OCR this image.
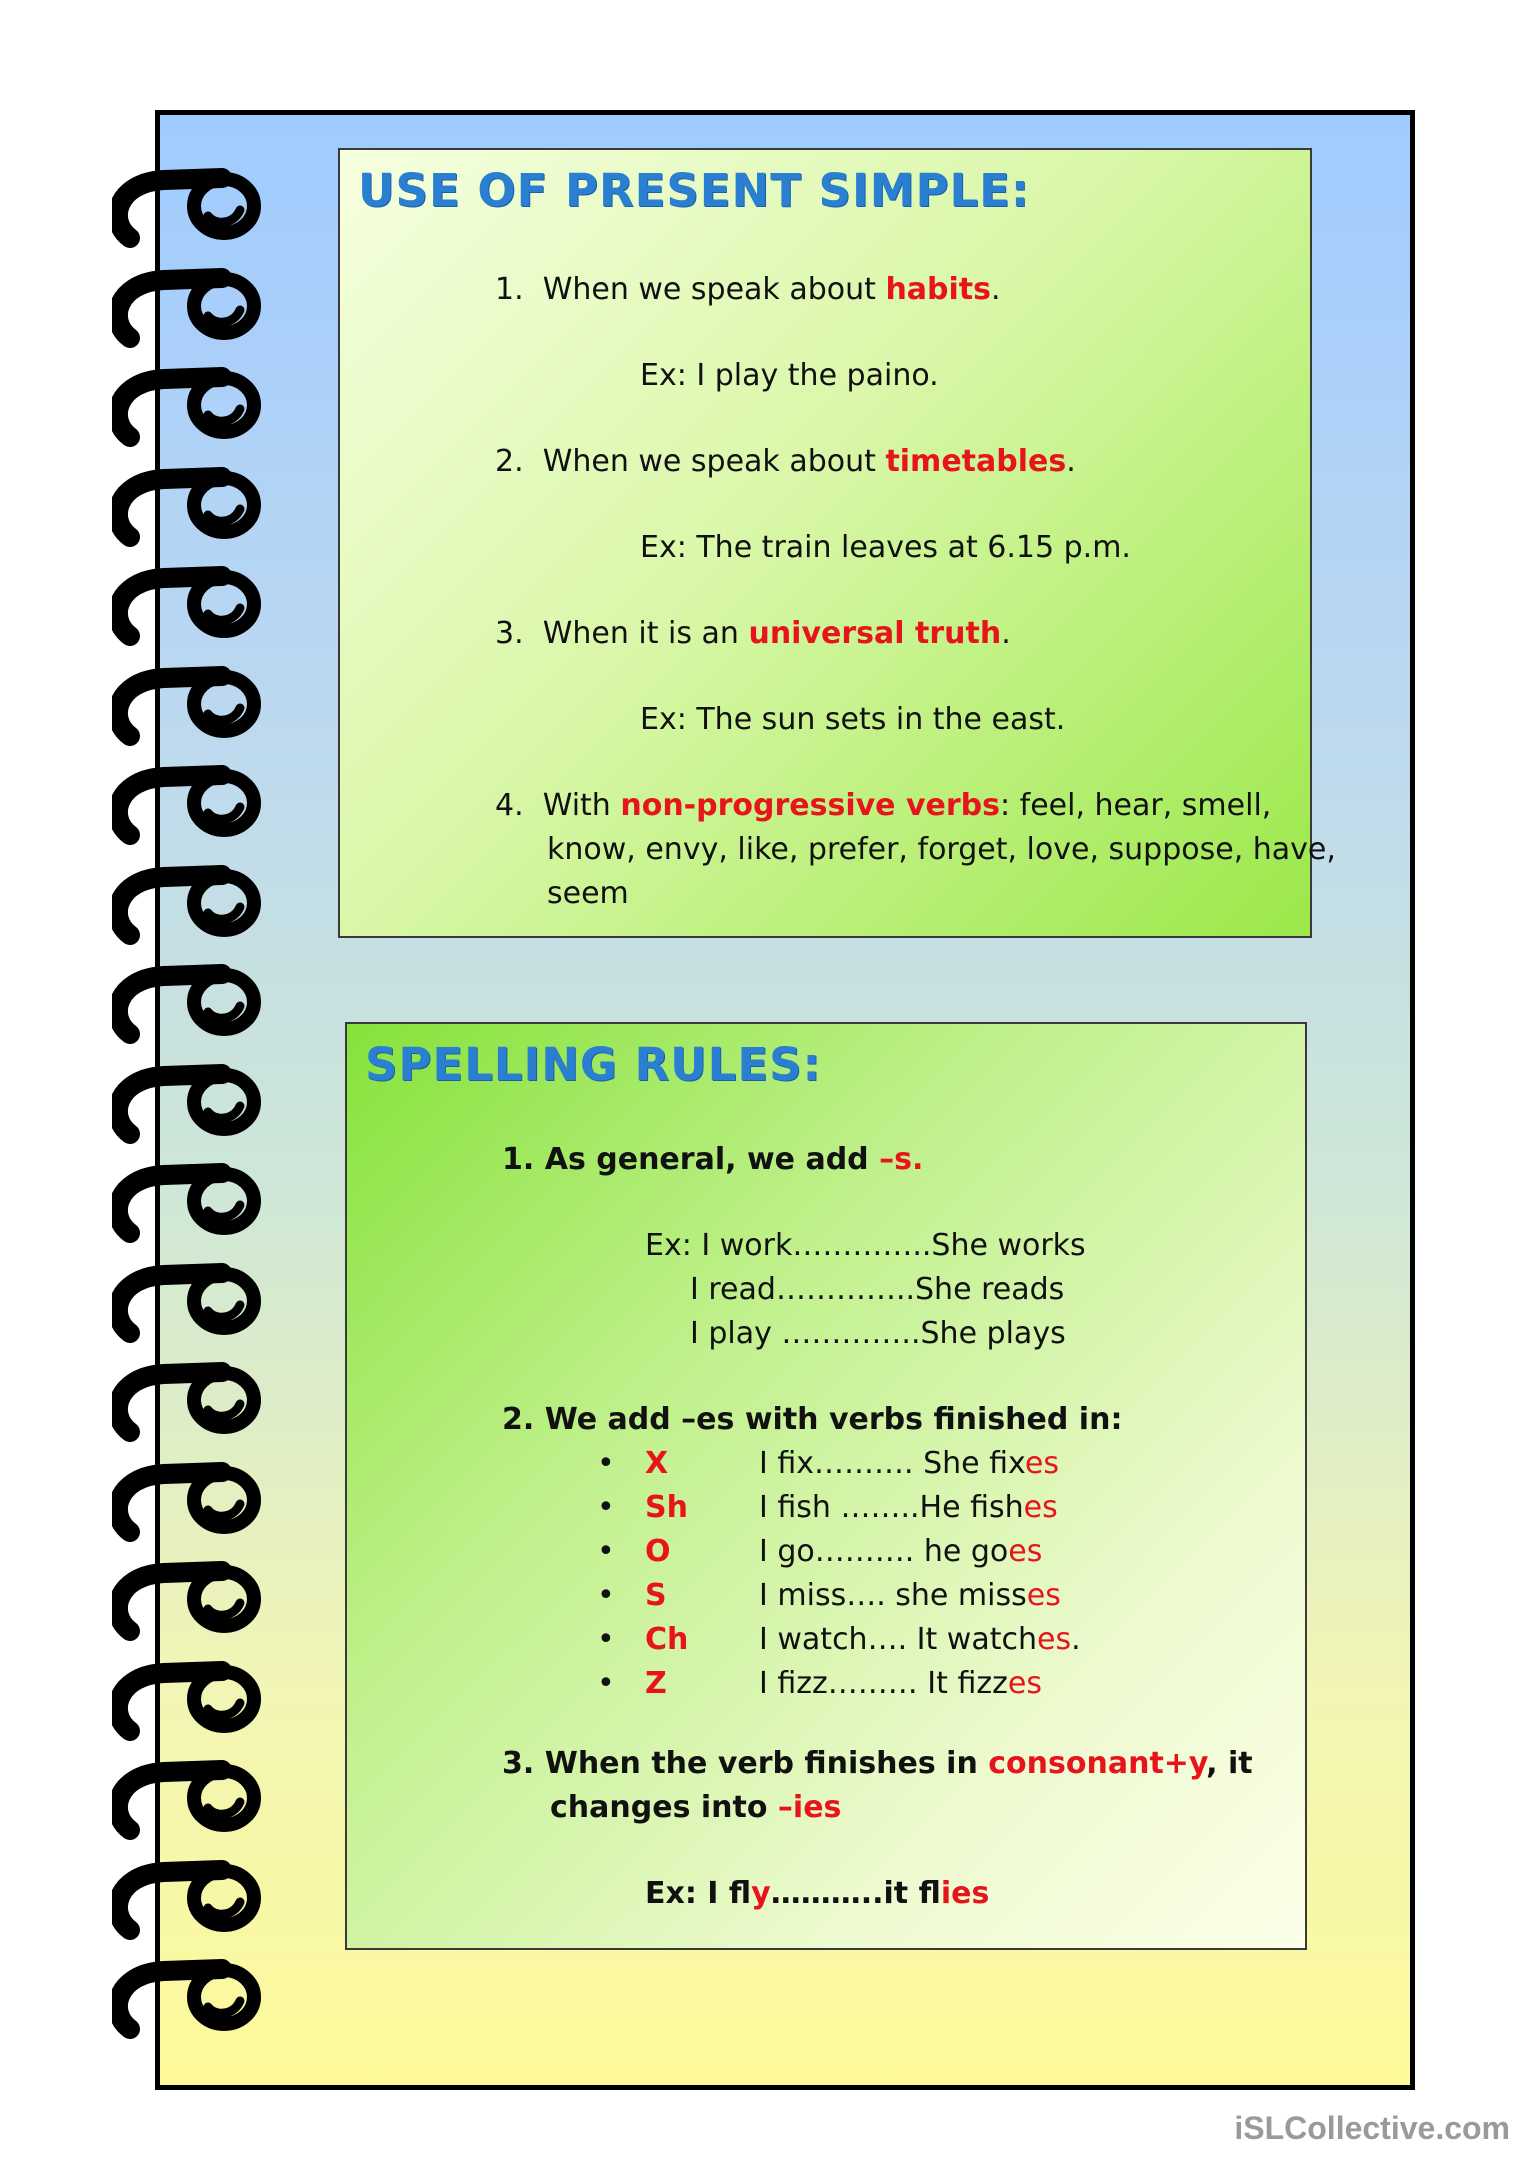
USE OF PRESENT SIMPLE:
1. When we speak about habits.
Ex: I play the paino.
2. When we speak about timetables.
Ex: The train leaves at 6.15 p.m.
3. When it is an universal truth.
Ex: The sun sets in the east.
4. With non-progressive verbs: feel, hear, smell,
know, envy, like, prefer, forget, love, suppose, have,
seem
SPELLING RULES:
1. As general, we add –s.
Ex: I work…………..She works
I read…………..She reads
I play …………..She plays
2. We add –es with verbs finished in:
• X	I fix………. She fixes
• Sh I fish ……..He fishes
• O	I go………. he goes
• S	I miss…. she misses
• Ch I watch…. It watches.
• Z	I fizz……… It fizzes
3. When the verb finishes in consonant+y, it
changes into –ies
Ex: I fly………..it flies
iSLCollective.com
